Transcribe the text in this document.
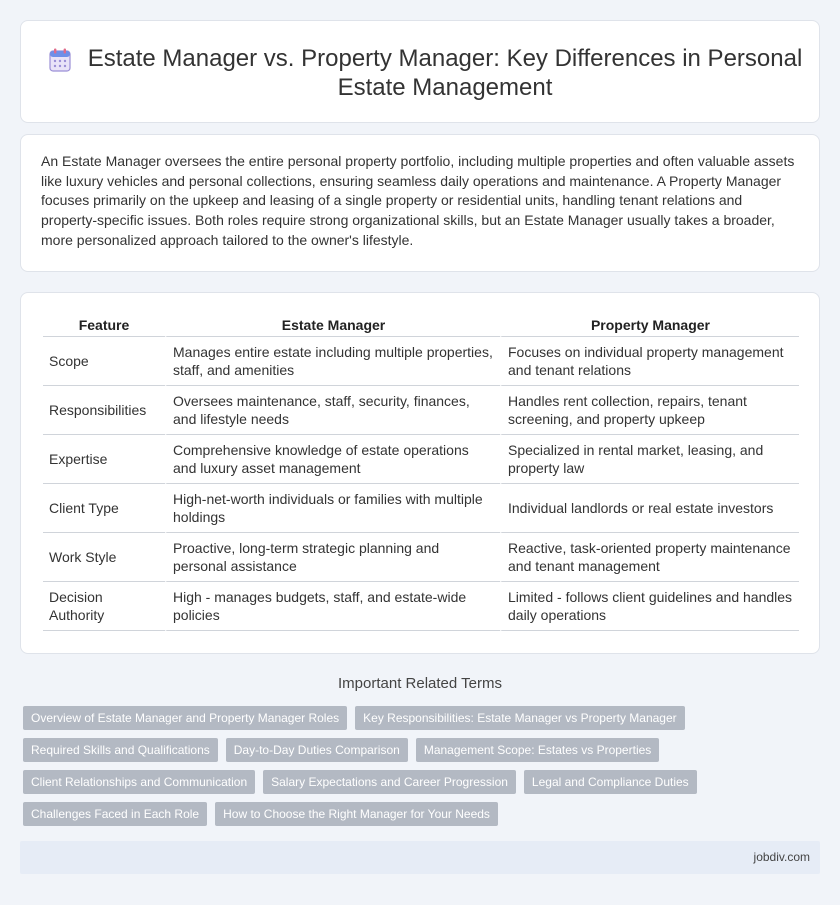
Estate Manager vs. Property Manager: Key Differences in Personal Estate Management

An Estate Manager oversees the entire personal property portfolio, including multiple properties and often valuable assets like luxury vehicles and personal collections, ensuring seamless daily operations and maintenance. A Property Manager focuses primarily on the upkeep and leasing of a single property or residential units, handling tenant relations and property-specific issues. Both roles require strong organizational skills, but an Estate Manager usually takes a broader, more personalized approach tailored to the owner's lifestyle.

Feature	Estate Manager	Property Manager
Scope	Manages entire estate including multiple properties, staff, and amenities	Focuses on individual property management and tenant relations
Responsibilities	Oversees maintenance, staff, security, finances, and lifestyle needs	Handles rent collection, repairs, tenant screening, and property upkeep
Expertise	Comprehensive knowledge of estate operations and luxury asset management	Specialized in rental market, leasing, and property law
Client Type	High-net-worth individuals or families with multiple holdings	Individual landlords or real estate investors
Work Style	Proactive, long-term strategic planning and personal assistance	Reactive, task-oriented property maintenance and tenant management
Decision Authority	High - manages budgets, staff, and estate-wide policies	Limited - follows client guidelines and handles daily operations
Important Related Terms
Overview of Estate Manager and Property Manager Roles	Key Responsibilities: Estate Manager vs Property Manager
Required Skills and Qualifications	Day-to-Day Duties Comparison	Management Scope: Estates vs Properties
Client Relationships and Communication	Salary Expectations and Career Progression	Legal and Compliance Duties
Challenges Faced in Each Role	How to Choose the Right Manager for Your Needs
jobdiv.com
